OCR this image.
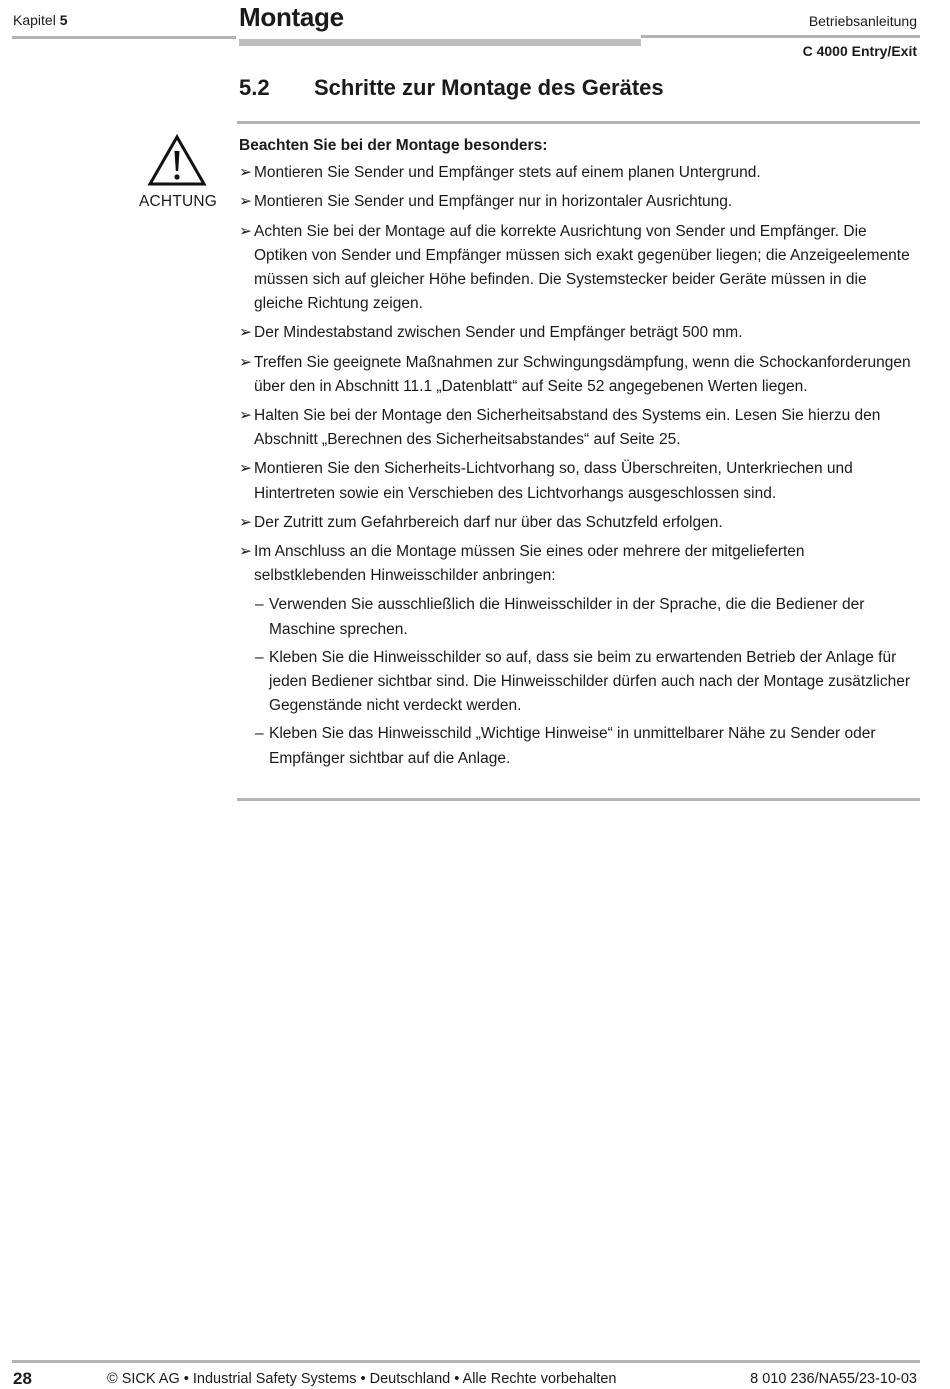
Kapitel 5	Montage	Betriebsanleitung
C 4000 Entry/Exit
5.2 Schritte zur Montage des Gerätes
ACHTUNG
Beachten Sie bei der Montage besonders:
➢ Montieren Sie Sender und Empfänger stets auf einem planen Untergrund.
➢ Montieren Sie Sender und Empfänger nur in horizontaler Ausrichtung.
➢ Achten Sie bei der Montage auf die korrekte Ausrichtung von Sender und Empfänger. Die Optiken von Sender und Empfänger müssen sich exakt gegenüber liegen; die Anzeigeelemente müssen sich auf gleicher Höhe befinden. Die Systemstecker beider Geräte müssen in die gleiche Richtung zeigen.
➢ Der Mindestabstand zwischen Sender und Empfänger beträgt 500 mm.
➢ Treffen Sie geeignete Maßnahmen zur Schwingungsdämpfung, wenn die Schockanforderungen über den in Abschnitt 11.1 „Datenblatt“ auf Seite 52 angegebenen Werten liegen.
➢ Halten Sie bei der Montage den Sicherheitsabstand des Systems ein. Lesen Sie hierzu den Abschnitt „Berechnen des Sicherheitsabstandes“ auf Seite 25.
➢ Montieren Sie den Sicherheits-Lichtvorhang so, dass Überschreiten, Unterkriechen und Hintertreten sowie ein Verschieben des Lichtvorhangs ausgeschlossen sind.
➢ Der Zutritt zum Gefahrbereich darf nur über das Schutzfeld erfolgen.
➢ Im Anschluss an die Montage müssen Sie eines oder mehrere der mitgelieferten selbstklebenden Hinweisschilder anbringen:
– Verwenden Sie ausschließlich die Hinweisschilder in der Sprache, die die Bediener der Maschine sprechen.
– Kleben Sie die Hinweisschilder so auf, dass sie beim zu erwartenden Betrieb der Anlage für jeden Bediener sichtbar sind. Die Hinweisschilder dürfen auch nach der Montage zusätzlicher Gegenstände nicht verdeckt werden.
– Kleben Sie das Hinweisschild „Wichtige Hinweise“ in unmittelbarer Nähe zu Sender oder Empfänger sichtbar auf die Anlage.
28	© SICK AG • Industrial Safety Systems • Deutschland • Alle Rechte vorbehalten	8 010 236/NA55/23-10-03
